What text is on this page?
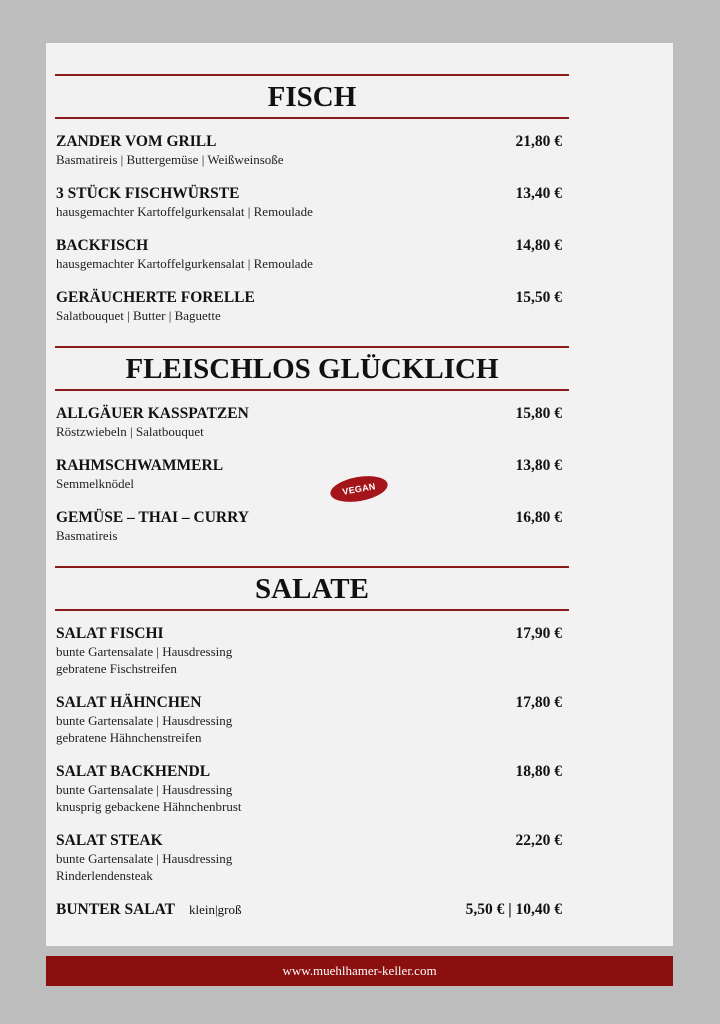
FISCH
ZANDER VOM GRILL	21,80 €
Basmatireis | Buttergemüse | Weißweinsoße
3 STÜCK FISCHWÜRSTE	13,40 €
hausgemachter Kartoffelgurkensalat | Remoulade
BACKFISCH	14,80 €
hausgemachter Kartoffelgurkensalat | Remoulade
GERÄUCHERTE FORELLE	15,50 €
Salatbouquet | Butter | Baguette
FLEISCHLOS GLÜCKLICH
ALLGÄUER KASSPATZEN	15,80 €
Röstzwiebeln | Salatbouquet
RAHMSCHWAMMERL	13,80 €
Semmelknödel	VEGAN
GEMÜSE – THAI – CURRY	16,80 €
Basmatireis
SALATE
SALAT FISCHI	17,90 €
bunte Gartensalate | Hausdressing
gebratene Fischstreifen
SALAT HÄHNCHEN	17,80 €
bunte Gartensalate | Hausdressing
gebratene Hähnchenstreifen
SALAT BACKHENDL	18,80 €
bunte Gartensalate | Hausdressing
knusprig gebackene Hähnchenbrust
SALAT STEAK	22,20 €
bunte Gartensalate | Hausdressing
Rinderlendensteak
BUNTER SALAT klein|groß	5,50 € | 10,40 €
www.muehlhamer-keller.com
